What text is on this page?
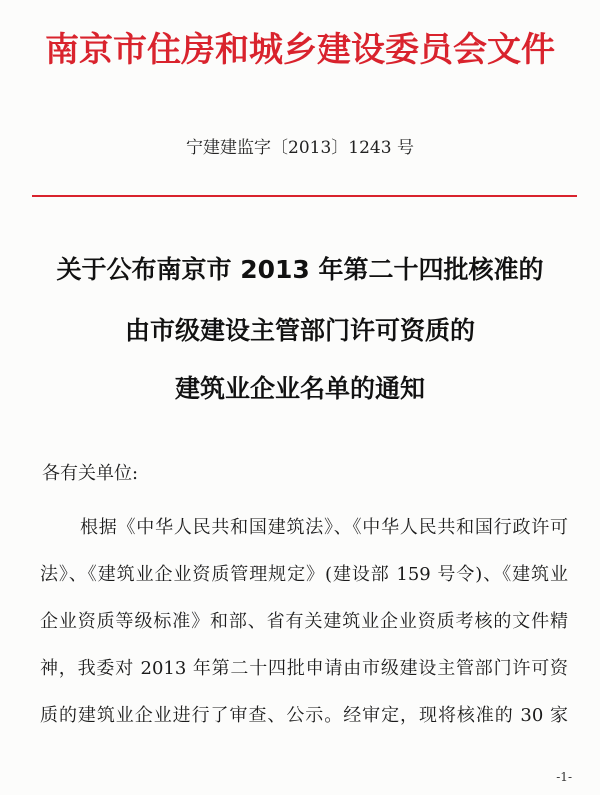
南京市住房和城乡建设委员会文件
宁建建监字〔2013〕1243 号
关于公布南京市 2013 年第二十四批核准的
由市级建设主管部门许可资质的
建筑业企业名单的通知
各有关单位:
根据《中华人民共和国建筑法》、《中华人民共和国行政许可
法》、《建筑业企业资质管理规定》(建设部 159 号令)、《建筑业
企业资质等级标准》和部、省有关建筑业企业资质考核的文件精
神，我委对 2013 年第二十四批申请由市级建设主管部门许可资
质的建筑业企业进行了审查、公示。经审定，现将核准的 30 家
-1-
